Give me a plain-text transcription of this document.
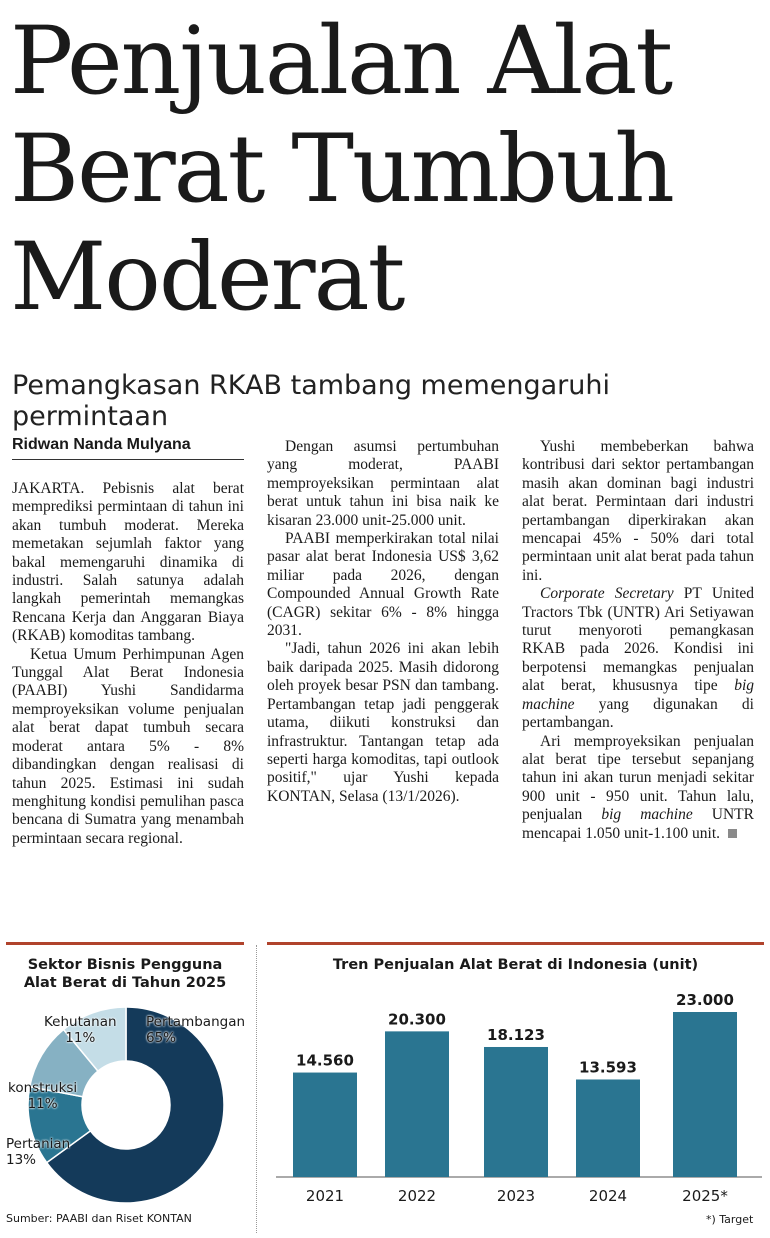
Penjualan Alat
Berat Tumbuh
Moderat
Pemangkasan RKAB tambang memengaruhi permintaan
Ridwan Nanda Mulyana

JAKARTA. Pebisnis alat berat memprediksi permintaan di tahun ini akan tumbuh moderat. Mereka memetakan sejumlah faktor yang bakal memengaruhi dinamika di industri. Salah satunya adalah langkah pemerintah memangkas Rencana Kerja dan Anggaran Biaya (RKAB) komoditas tambang.

Ketua Umum Perhimpunan Agen Tunggal Alat Berat Indonesia (PAABI) Yushi Sandidarma memproyeksikan volume penjualan alat berat dapat tumbuh secara moderat antara 5% - 8% dibandingkan dengan realisasi di tahun 2025. Estimasi ini sudah menghitung kondisi pemulihan pasca bencana di Sumatra yang menambah permintaan secara regional.

Dengan asumsi pertumbuhan yang moderat, PAABI memproyeksikan permintaan alat berat untuk tahun ini bisa naik ke kisaran 23.000 unit-25.000 unit.

PAABI memperkirakan total nilai pasar alat berat Indonesia US$ 3,62 miliar pada 2026, dengan Compounded Annual Growth Rate (CAGR) sekitar 6% - 8% hingga 2031.

"Jadi, tahun 2026 ini akan lebih baik daripada 2025. Masih didorong oleh proyek besar PSN dan tambang. Pertambangan tetap jadi penggerak utama, diikuti konstruksi dan infrastruktur. Tantangan tetap ada seperti harga komoditas, tapi outlook positif," ujar Yushi kepada KONTAN, Selasa (13/1/2026).

Yushi membeberkan bahwa kontribusi dari sektor pertambangan masih akan dominan bagi industri alat berat. Permintaan dari industri pertambangan diperkirakan akan mencapai 45% - 50% dari total permintaan unit alat berat pada tahun ini.

Corporate Secretary PT United Tractors Tbk (UNTR) Ari Setiyawan turut menyoroti pemangkasan RKAB pada 2026. Kondisi ini berpotensi memangkas penjualan alat berat, khususnya tipe big machine yang digunakan di pertambangan.

Ari memproyeksikan penjualan alat berat tipe tersebut sepanjang tahun ini akan turun menjadi sekitar 900 unit - 950 unit. Tahun lalu, penjualan big machine UNTR mencapai 1.050 unit-1.100 unit.

Sektor Bisnis Pengguna
Alat Berat di Tahun 2025
Pertambangan
65%
Kehutanan
11%
konstruksi
11%
Pertanian
13%
Sumber: PAABI dan Riset KONTAN
Tren Penjualan Alat Berat di Indonesia (unit)
14.560
2021
20.300
2022
18.123
2023
13.593
2024
23.000
2025*
*) Target
